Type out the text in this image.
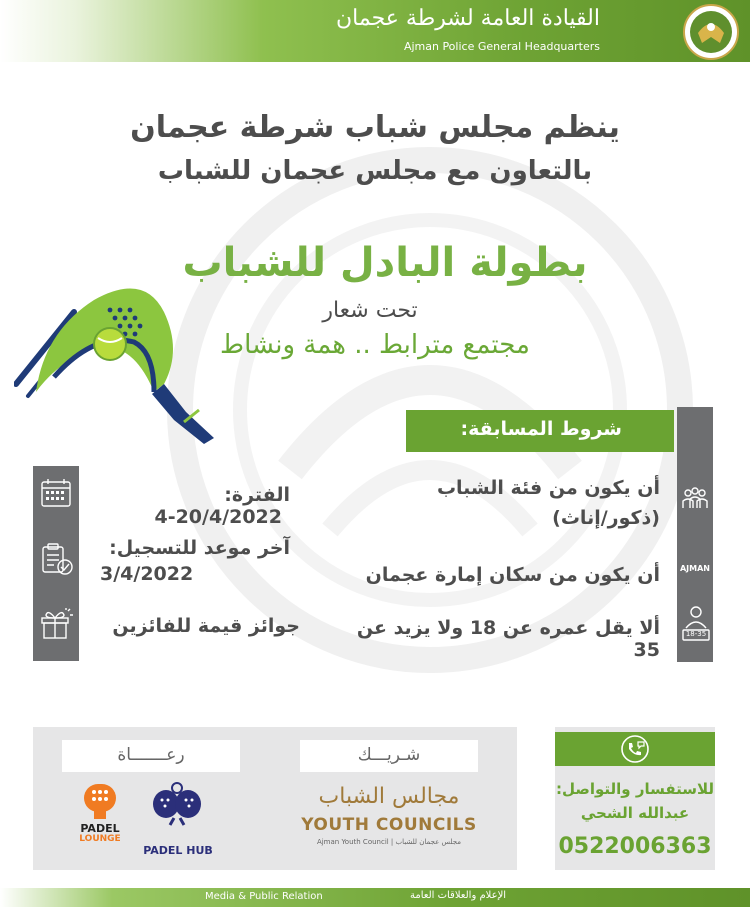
القيادة العامة لشرطة عجمان
Ajman Police General Headquarters
ينظم مجلس شباب شرطة عجمان
بالتعاون مع مجلس عجمان للشباب
بطولة البادل للشباب
تحت شعار
مجتمع مترابط .. همة ونشاط
شروط المسابقة:
AJMAN
18-35
أن يكون من فئة الشباب
(ذكور/إناث)
أن يكون من سكان إمارة عجمان
ألا يقل عمره عن 18 ولا يزيد عن 35
الفترة: 4-20/4/2022
آخر موعد للتسجيل:
3/4/2022
جوائز قيمة للفائزين
رعـــــــاة	شـريـــك
PADEL
LOUNGE
PADEL HUB
مجالس الشباب
YOUTH COUNCILS
Ajman Youth Council | مجلس عجمان للشباب
للاستفسار والتواصل:
عبدالله الشحي
0522006363
Media & Public Relation	الإعلام والعلاقات العامة
